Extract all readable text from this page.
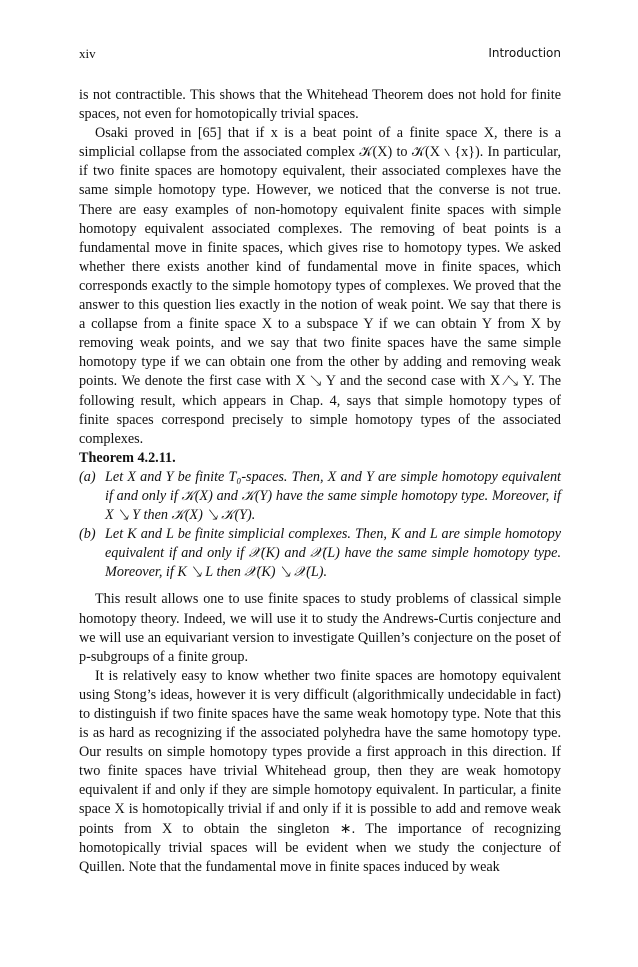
xiv	Introduction

is not contractible. This shows that the Whitehead Theorem does not hold for finite spaces, not even for homotopically trivial spaces.

Osaki proved in [65] that if x is a beat point of a finite space X, there is a simplicial collapse from the associated complex 𝒦(X) to 𝒦(X ∖ {x}). In particular, if two finite spaces are homotopy equivalent, their associated complexes have the same simple homotopy type. However, we noticed that the converse is not true. There are easy examples of non-homotopy equivalent finite spaces with simple homotopy equivalent associated complexes. The removing of beat points is a fundamental move in finite spaces, which gives rise to homotopy types. We asked whether there exists another kind of fundamental move in finite spaces, which corresponds exactly to the simple homotopy types of complexes. We proved that the answer to this question lies exactly in the notion of weak point. We say that there is a collapse from a finite space X to a subspace Y if we can obtain Y from X by removing weak points, and we say that two finite spaces have the same simple homotopy type if we can obtain one from the other by adding and removing weak points. We denote the first case with X ↘ Y and the second case with X ⁄↘ Y. The following result, which appears in Chap. 4, says that simple homotopy types of finite spaces correspond precisely to simple homotopy types of the associated complexes.

Theorem 4.2.11.

(a) Let X and Y be finite T₀-spaces. Then, X and Y are simple homotopy equivalent if and only if 𝒦(X) and 𝒦(Y) have the same simple homotopy type. Moreover, if X ↘ Y then 𝒦(X) ↘ 𝒦(Y).
(b) Let K and L be finite simplicial complexes. Then, K and L are simple homotopy equivalent if and only if 𝒳(K) and 𝒳(L) have the same simple homotopy type. Moreover, if K ↘ L then 𝒳(K) ↘ 𝒳(L).

This result allows one to use finite spaces to study problems of classical simple homotopy theory. Indeed, we will use it to study the Andrews-Curtis conjecture and we will use an equivariant version to investigate Quillen’s conjecture on the poset of p-subgroups of a finite group.

It is relatively easy to know whether two finite spaces are homotopy equivalent using Stong’s ideas, however it is very difficult (algorithmically undecidable in fact) to distinguish if two finite spaces have the same weak homotopy type. Note that this is as hard as recognizing if the associated polyhedra have the same homotopy type. Our results on simple homotopy types provide a first approach in this direction. If two finite spaces have trivial Whitehead group, then they are weak homotopy equivalent if and only if they are simple homotopy equivalent. In particular, a finite space X is homotopically trivial if and only if it is possible to add and remove weak points from X to obtain the singleton ∗. The importance of recognizing homotopically trivial spaces will be evident when we study the conjecture of Quillen. Note that the fundamental move in finite spaces induced by weak
